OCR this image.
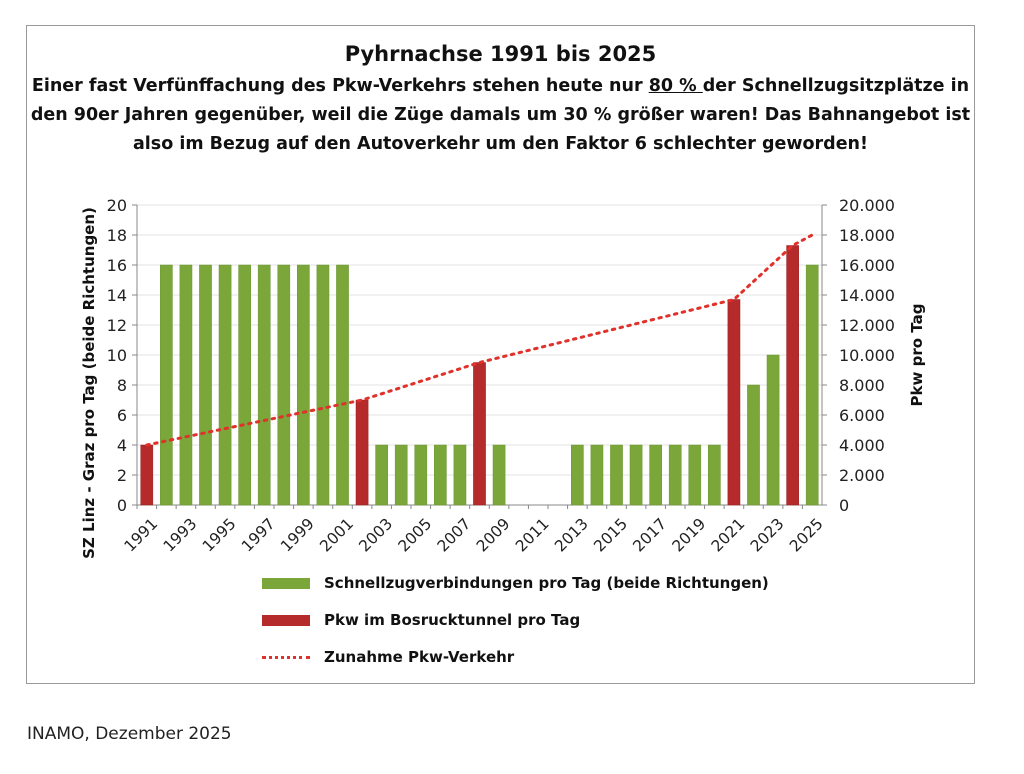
Pyhrnachse 1991 bis 2025
Einer fast Verfünffachung des Pkw-Verkehrs stehen heute nur 80 % der Schnellzugsitzplätze in den 90er Jahren gegenüber, weil die Züge damals um 30 % größer waren! Das Bahnangebot ist also im Bezug auf den Autoverkehr um den Faktor 6 schlechter geworden!
0
2
4
6
8
10
12
14
16
18
20
0
2.000
4.000
6.000
8.000
10.000
12.000
14.000
16.000
18.000
20.000
SZ Linz - Graz pro Tag (beide Richtungen)	Pkw pro Tag
1991
1993
1995
1997
1999
2001
2003
2005
2007
2009
2011
2013
2015
2017
2019
2021
2023
2025
Schnellzugverbindungen pro Tag (beide Richtungen)
Pkw im Bosrucktunnel pro Tag
Zunahme Pkw-Verkehr
INAMO, Dezember 2025
